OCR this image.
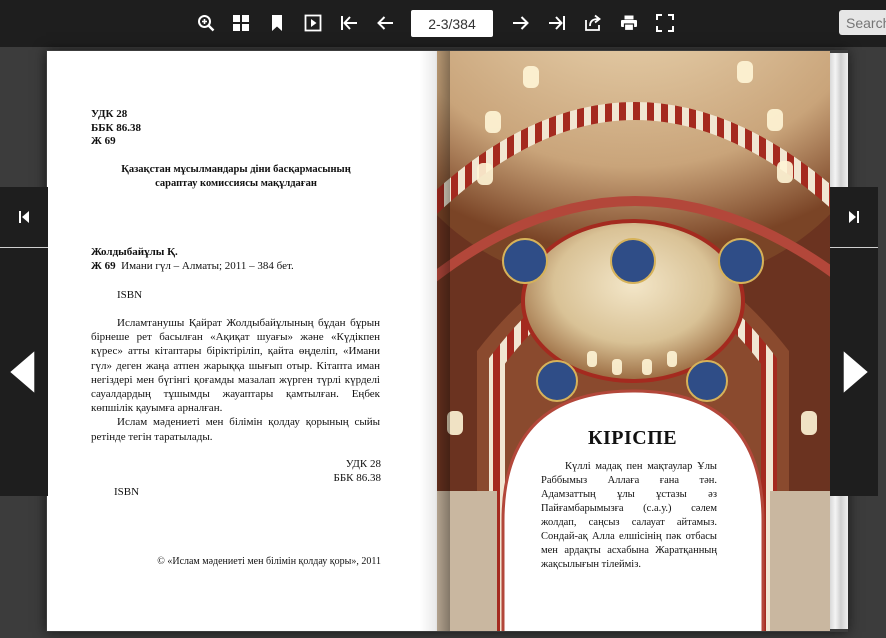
2-3/384
Search
УДК 28
ББК 86.38
Ж 69
Қазақстан мұсылмандары діни басқармасының
сараптау комиссиясы мақұлдаған
Жолдыбайұлы Қ.
Ж 69 Имани гүл – Алматы; 2011 – 384 бет.
ISBN

Исламтанушы Қайрат Жолдыбайұлының бұдан бұрын бірнеше рет басылған «Ақиқат шуағы» және «Күдікпен күрес» атты кітаптары біріктіріліп, қайта өңделіп, «Имани гүл» деген жаңа атпен жарыққа шығып отыр. Кітапта иман негіздері мен бүгінгі қоғамды мазалап жүрген түрлі күрделі сауалдардың тұшымды жауаптары қамтылған. Еңбек көпшілік қауымға арналған.

Ислам мәдениеті мен білімін қолдау қорының сыйы ретінде тегін таратылады.

УДК 28
ББК 86.38
ISBN
© «Ислам мәдениеті мен білімін қолдау қоры», 2011
КІРІСПЕ
Күллі мадақ пен мақтаулар Ұлы Раббымыз Аллаға ғана тән. Адамзаттың ұлы ұстазы әз Пайғамбарымызға (с.а.у.) сәлем жолдап, саңсыз салауат айтамыз. Сондай-ақ Алла елшісінің пәк отбасы мен ардақты асхабына Жаратқанның жақсылығын тілейміз.
